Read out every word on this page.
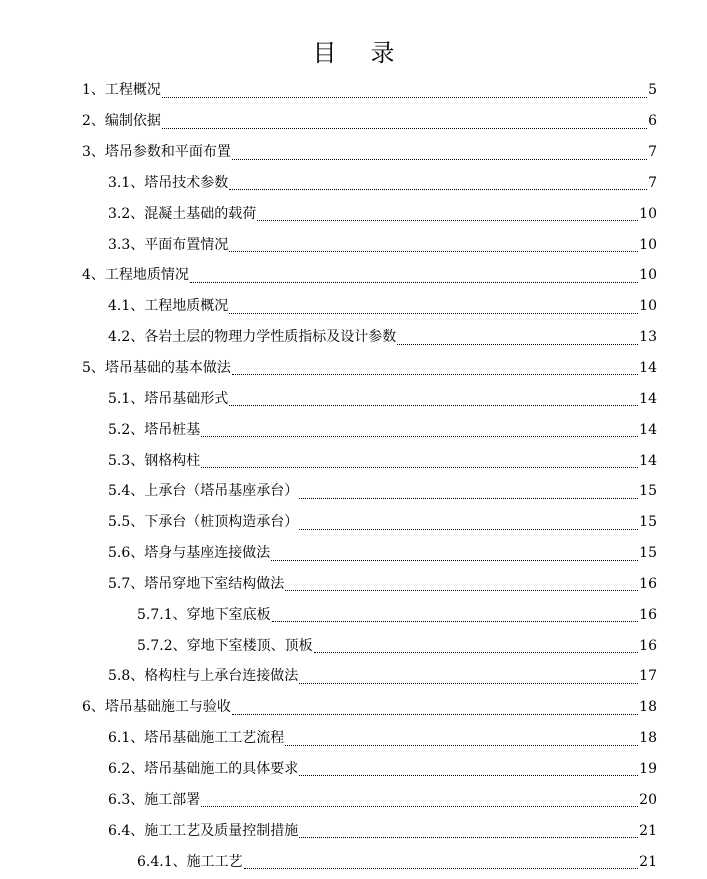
目 录
1、工程概况	5
2、编制依据	6
3、塔吊参数和平面布置	7
3.1、塔吊技术参数	7
3.2、混凝土基础的载荷	10
3.3、平面布置情况	10
4、工程地质情况	10
4.1、工程地质概况	10
4.2、各岩土层的物理力学性质指标及设计参数	13
5、塔吊基础的基本做法	14
5.1、塔吊基础形式	14
5.2、塔吊桩基	14
5.3、钢格构柱	14
5.4、上承台（塔吊基座承台）	15
5.5、下承台（桩顶构造承台）	15
5.6、塔身与基座连接做法	15
5.7、塔吊穿地下室结构做法	16
5.7.1、穿地下室底板	16
5.7.2、穿地下室楼顶、顶板	16
5.8、格构柱与上承台连接做法	17
6、塔吊基础施工与验收	18
6.1、塔吊基础施工工艺流程	18
6.2、塔吊基础施工的具体要求	19
6.3、施工部署	20
6.4、施工工艺及质量控制措施	21
6.4.1、施工工艺	21
